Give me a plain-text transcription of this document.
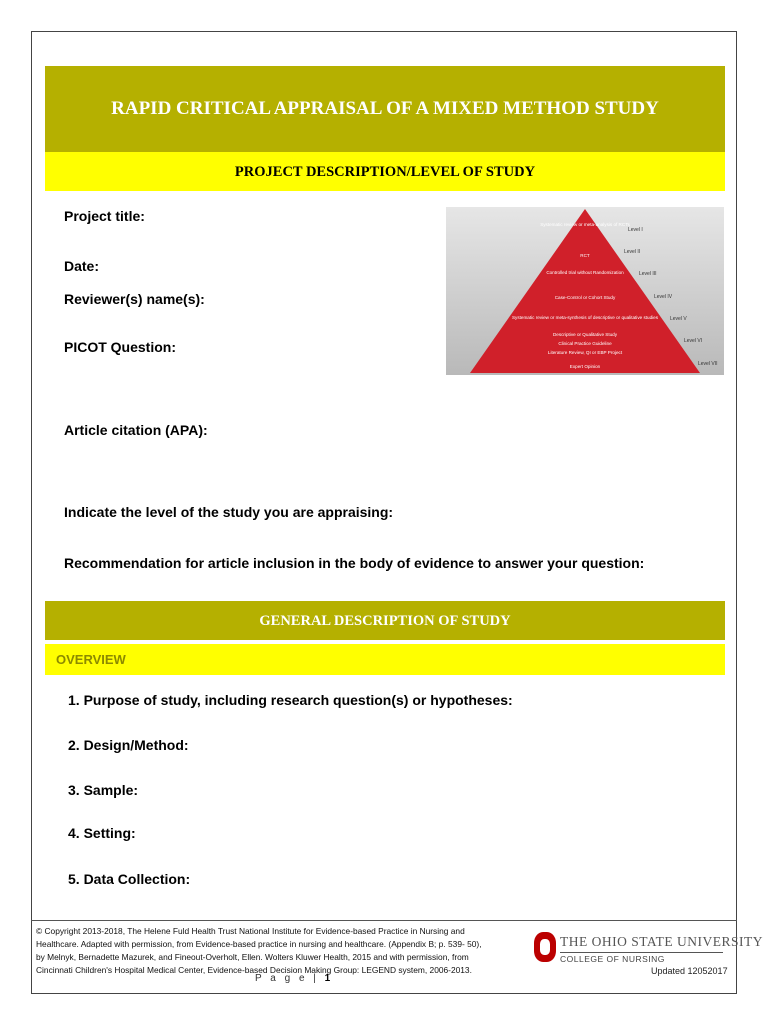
RAPID CRITICAL APPRAISAL OF A MIXED METHOD STUDY
PROJECT DESCRIPTION/LEVEL OF STUDY
Project title:
Date:
Reviewer(s) name(s):
PICOT Question:
Article citation (APA):
Indicate the level of the study you are appraising:
Recommendation for article inclusion in the body of evidence to answer your question:
Systematic review or meta-analysis of RCTs
RCT
Controlled trial without Randomization
Case-Control or Cohort Study
Systematic review or meta-synthesis of descriptive or qualitative studies
Descriptive or Qualitative Study
Clinical Practice Guideline
Literature Review, QI or EBP Project
Expert Opinion
Level I
Level II
Level III
Level IV
Level V
Level VI
Level VII
GENERAL DESCRIPTION OF STUDY
OVERVIEW
1. Purpose of study, including research question(s) or hypotheses:
2. Design/Method:
3. Sample:
4. Setting:
5. Data Collection:
© Copyright 2013-2018, The Helene Fuld Health Trust National Institute for Evidence-based Practice in Nursing and
Healthcare. Adapted with permission, from Evidence-based practice in nursing and healthcare. (Appendix B; p. 539- 50),
by Melnyk, Bernadette Mazurek, and Fineout-Overholt, Ellen. Wolters Kluwer Health, 2015 and with permission, from
Cincinnati Children's Hospital Medical Center, Evidence-based Decision Making Group: LEGEND system, 2006-2013.
P a g e | 1
THE OHIO STATE UNIVERSITY
COLLEGE OF NURSING
Updated 12052017
